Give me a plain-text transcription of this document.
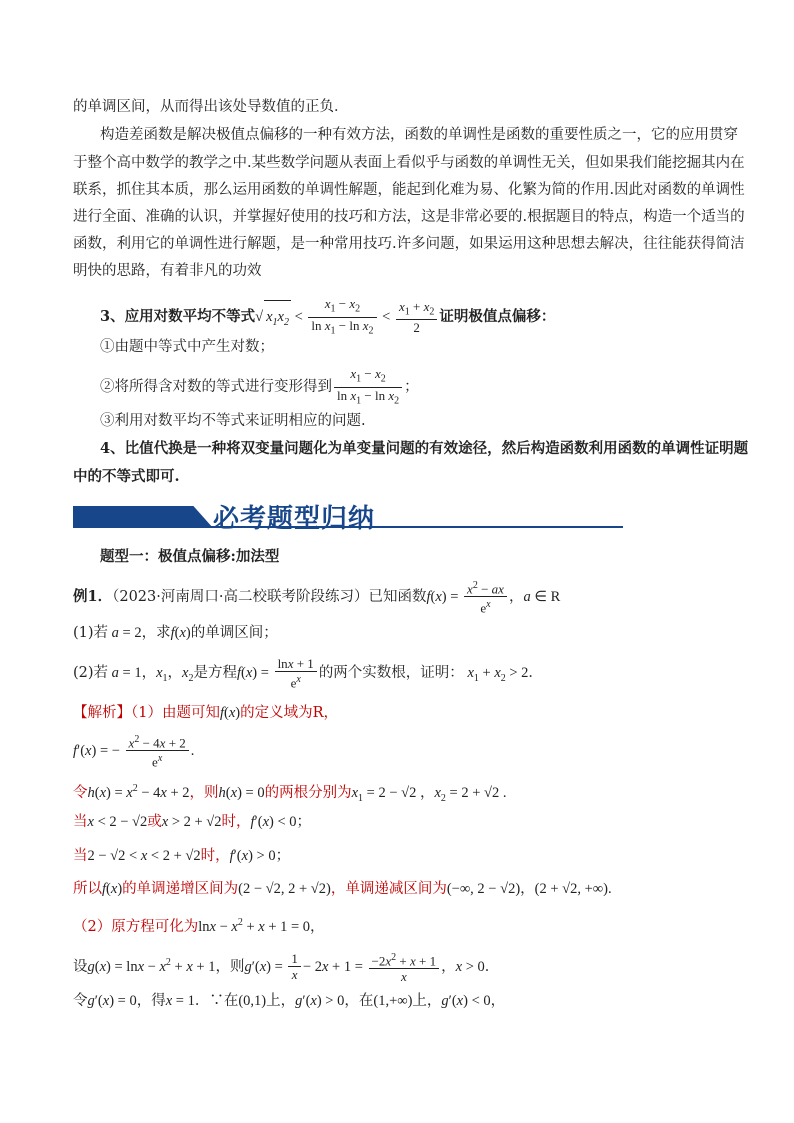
的单调区间，从而得出该处导数值的正负．
构造差函数是解决极值点偏移的一种有效方法，函数的单调性是函数的重要性质之一，它的应用贯穿
于整个高中数学的教学之中.某些数学问题从表面上看似乎与函数的单调性无关，但如果我们能挖掘其内在
联系，抓住其本质，那么运用函数的单调性解题，能起到化难为易、化繁为简的作用.因此对函数的单调性
进行全面、准确的认识，并掌握好使用的技巧和方法，这是非常必要的.根据题目的特点，构造一个适当的
函数，利用它的单调性进行解题，是一种常用技巧.许多问题，如果运用这种思想去解决，往往能获得简洁
明快的思路，有着非凡的功效
3、应用对数平均不等式√ $x_1x_2 < \frac{x_1 - x_2}{\ln x_1 - \ln x_2} < \frac{x_1 + x_2}{2}$ 证明极值点偏移：
①由题中等式中产生对数；
②将所得含对数的等式进行变形得到 $\frac{x_1 - x_2}{\ln x_1 - \ln x_2}$ ；
③利用对数平均不等式来证明相应的问题.
4、比值代换是一种将双变量问题化为单变量问题的有效途径，然后构造函数利用函数的单调性证明题
中的不等式即可.
必考题型归纳
题型一：极值点偏移:加法型
例1．（2023·河南周口·高二校联考阶段练习）已知函数$f(x) = \frac{x^2 - ax}{e^x}$ ，a ∈ R
(1)若 a = 2，求f(x)的单调区间；
(2)若 a = 1，$x_1$，$x_2$是方程$f(x) = \frac{\ln x + 1}{e^x}$ 的两个实数根，证明： $x_1 + x_2 > 2$．
【解析】（1）由题可知f(x)的定义域为R，
f′(x) = − $\frac{x^2 - 4x + 2}{e^x}$ .
令$h(x) = x^2 - 4x + 2$，则h(x) = 0的两根分别为$x_1 = 2 - √2$ ，$x_2 = 2 + √2$ .
当x < 2 − √2或x > 2 + √2时，f′(x) < 0；
当2 − √2 < x < 2 + √2时，f′(x) > 0；
所以f(x)的单调递增区间为(2 − √2, 2 + √2)，单调递减区间为(−∞, 2 − √2)，(2 + √2, +∞).
（2）原方程可化为$\ln x - x^2 + x + 1 = 0$，
设$g(x) = \ln x - x^2 + x + 1$，则$g'(x) = \frac{1}{x} - 2x + 1 = \frac{-2x^2 + x + 1}{x}$ ，x > 0．
令g′(x) = 0，得x = 1．∵在(0,1)上，g′(x) > 0，在(1,+∞)上，g′(x) < 0，
